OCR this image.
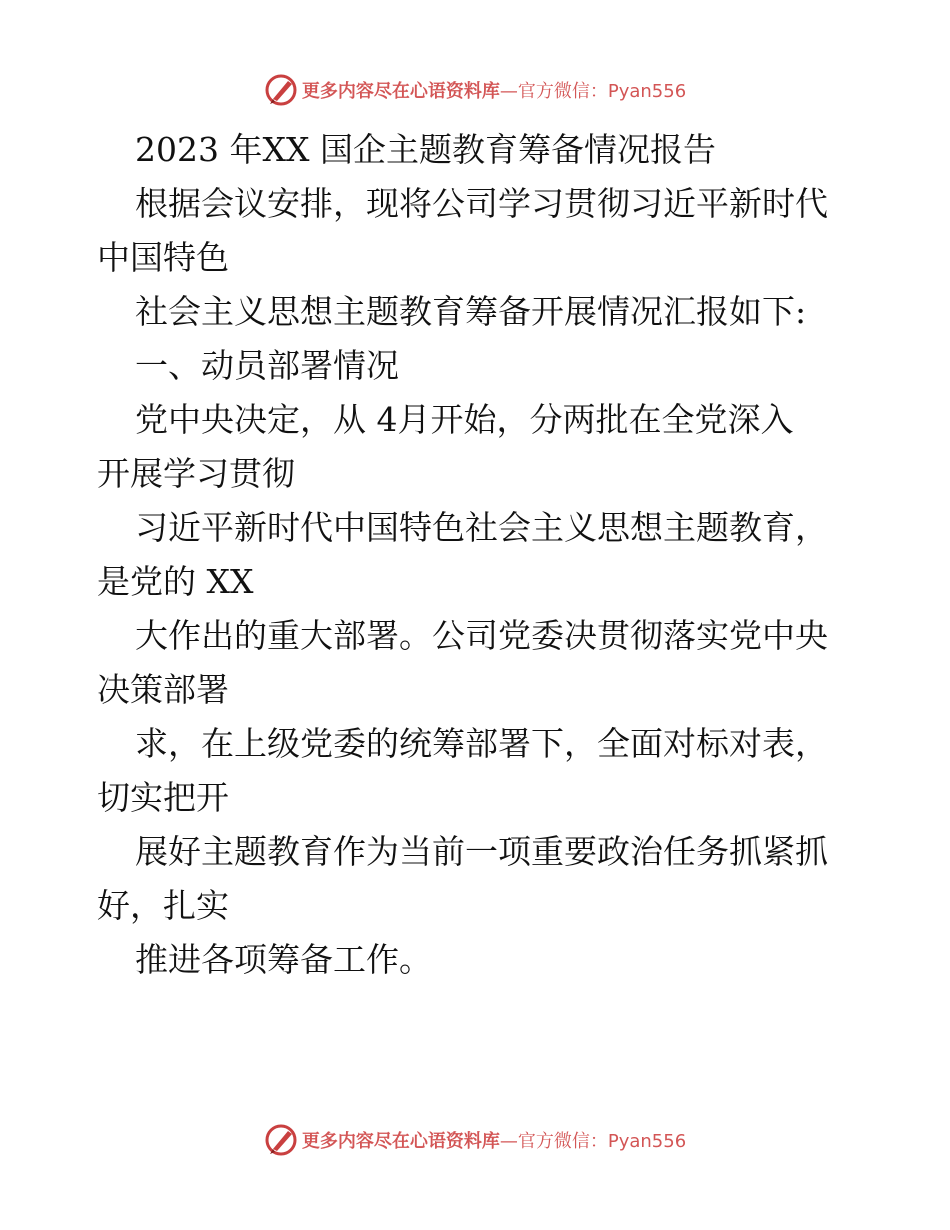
更多内容尽在心语资料库—官方微信：Pyan556

2023 年XX 国企主题教育筹备情况报告

根据会议安排，现将公司学习贯彻习近平新时代
中国特色

社会主义思想主题教育筹备开展情况汇报如下:

一、动员部署情况

党中央决定，从 4月开始，分两批在全党深入
开展学习贯彻

习近平新时代中国特色社会主义思想主题教育，
是党的 XX

大作出的重大部署。公司党委决贯彻落实党中央
决策部署

求，在上级党委的统筹部署下，全面对标对表，
切实把开

展好主题教育作为当前一项重要政治任务抓紧抓
好，扎实

推进各项筹备工作。

更多内容尽在心语资料库—官方微信：Pyan556
